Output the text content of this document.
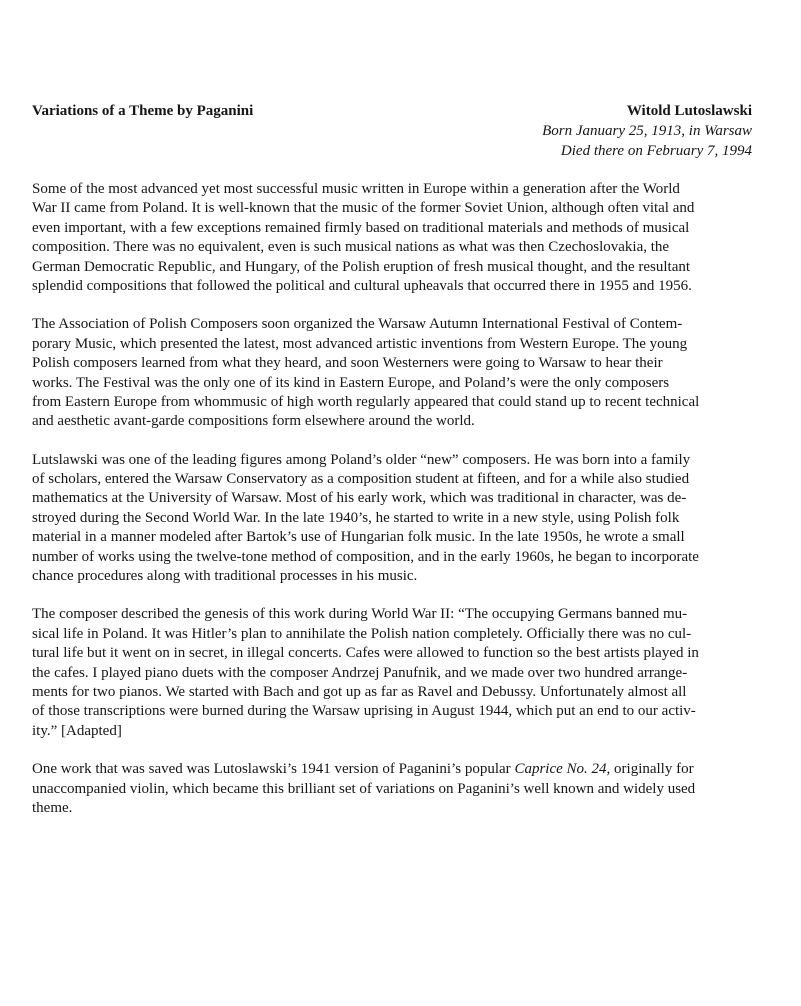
Variations of a Theme by Paganini	Witold Lutoslawski
Born January 25, 1913, in Warsaw
Died there on February 7, 1994
Some of the most advanced yet most successful music written in Europe within a generation after the World
War II came from Poland. It is well-known that the music of the former Soviet Union, although often vital and
even important, with a few exceptions remained firmly based on traditional materials and methods of musical
composition. There was no equivalent, even is such musical nations as what was then Czechoslovakia, the
German Democratic Republic, and Hungary, of the Polish eruption of fresh musical thought, and the resultant
splendid compositions that followed the political and cultural upheavals that occurred there in 1955 and 1956.
The Association of Polish Composers soon organized the Warsaw Autumn International Festival of Contem-
porary Music, which presented the latest, most advanced artistic inventions from Western Europe. The young
Polish composers learned from what they heard, and soon Westerners were going to Warsaw to hear their
works. The Festival was the only one of its kind in Eastern Europe, and Poland’s were the only composers
from Eastern Europe from whommusic of high worth regularly appeared that could stand up to recent technical
and aesthetic avant-garde compositions form elsewhere around the world.
Lutslawski was one of the leading figures among Poland’s older “new” composers. He was born into a family
of scholars, entered the Warsaw Conservatory as a composition student at fifteen, and for a while also studied
mathematics at the University of Warsaw. Most of his early work, which was traditional in character, was de-
stroyed during the Second World War. In the late 1940’s, he started to write in a new style, using Polish folk
material in a manner modeled after Bartok’s use of Hungarian folk music. In the late 1950s, he wrote a small
number of works using the twelve-tone method of composition, and in the early 1960s, he began to incorporate
chance procedures along with traditional processes in his music.
The composer described the genesis of this work during World War II: “The occupying Germans banned mu-
sical life in Poland. It was Hitler’s plan to annihilate the Polish nation completely. Officially there was no cul-
tural life but it went on in secret, in illegal concerts. Cafes were allowed to function so the best artists played in
the cafes. I played piano duets with the composer Andrzej Panufnik, and we made over two hundred arrange-
ments for two pianos. We started with Bach and got up as far as Ravel and Debussy. Unfortunately almost all
of those transcriptions were burned during the Warsaw uprising in August 1944, which put an end to our activ-
ity.” [Adapted]
One work that was saved was Lutoslawski’s 1941 version of Paganini’s popular Caprice No. 24, originally for
unaccompanied violin, which became this brilliant set of variations on Paganini’s well known and widely used
theme.
